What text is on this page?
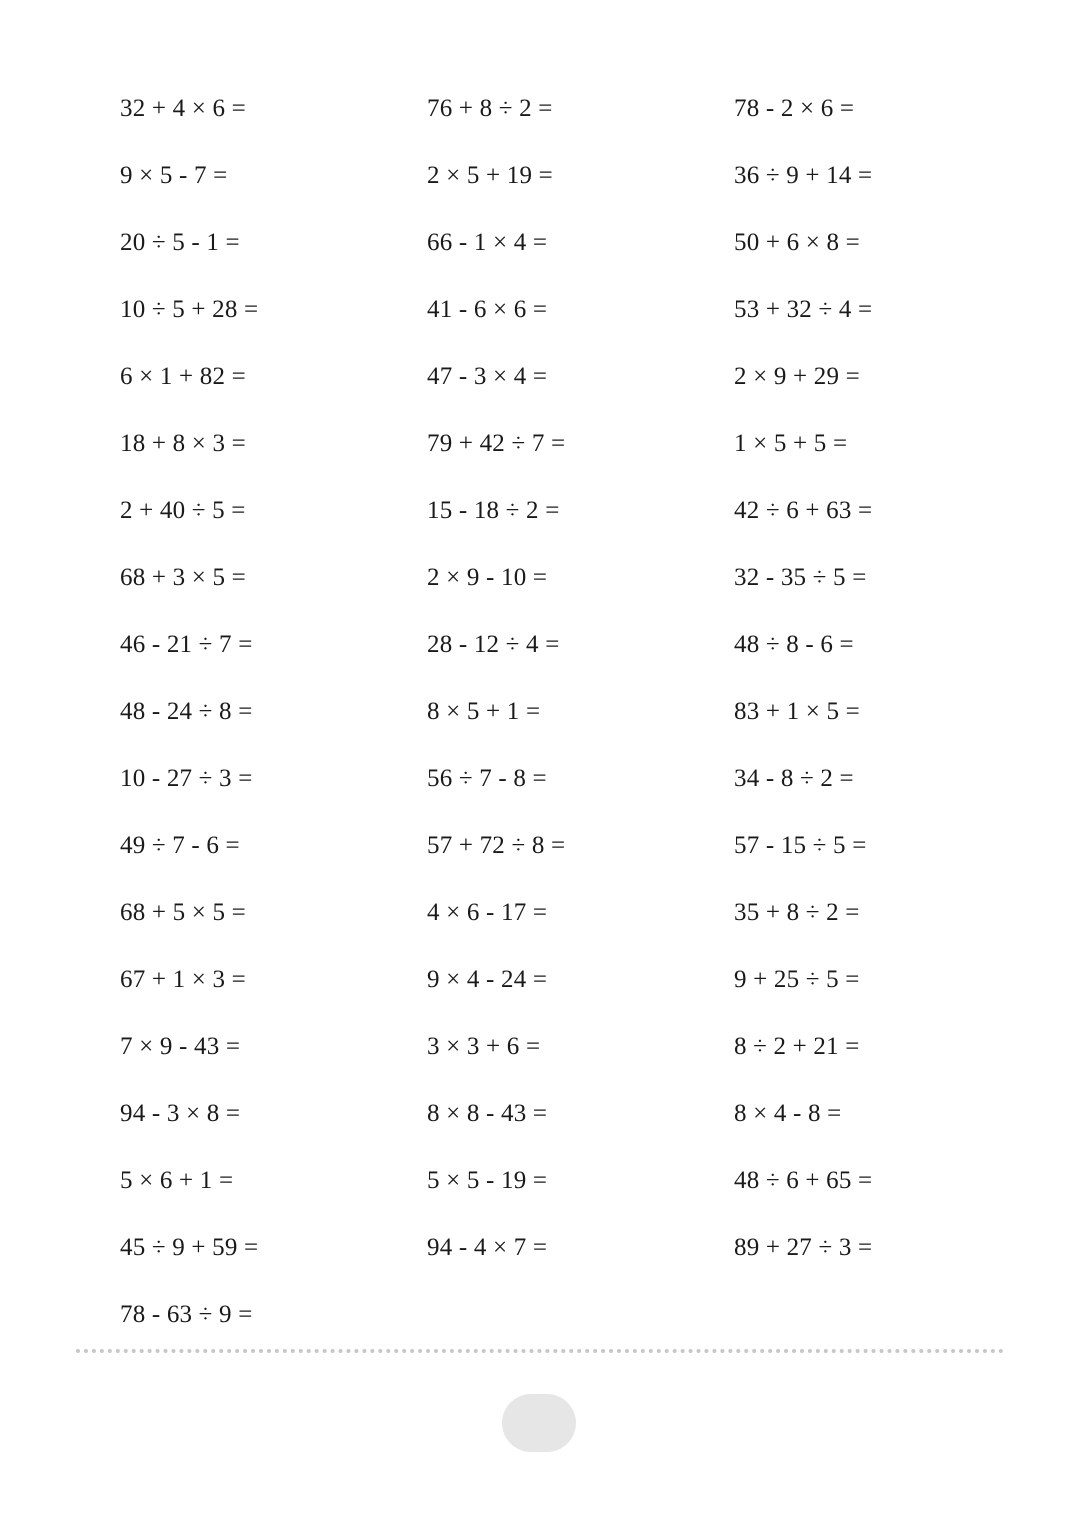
32 + 4 × 6 =	76 + 8 ÷ 2 =	78 - 2 × 6 =
9 × 5 - 7 =	2 × 5 + 19 =	36 ÷ 9 + 14 =
20 ÷ 5 - 1 =	66 - 1 × 4 =	50 + 6 × 8 =
10 ÷ 5 + 28 =	41 - 6 × 6 =	53 + 32 ÷ 4 =
6 × 1 + 82 =	47 - 3 × 4 =	2 × 9 + 29 =
18 + 8 × 3 =	79 + 42 ÷ 7 =	1 × 5 + 5 =
2 + 40 ÷ 5 =	15 - 18 ÷ 2 =	42 ÷ 6 + 63 =
68 + 3 × 5 =	2 × 9 - 10 =	32 - 35 ÷ 5 =
46 - 21 ÷ 7 =	28 - 12 ÷ 4 =	48 ÷ 8 - 6 =
48 - 24 ÷ 8 =	8 × 5 + 1 =	83 + 1 × 5 =
10 - 27 ÷ 3 =	56 ÷ 7 - 8 =	34 - 8 ÷ 2 =
49 ÷ 7 - 6 =	57 + 72 ÷ 8 =	57 - 15 ÷ 5 =
68 + 5 × 5 =	4 × 6 - 17 =	35 + 8 ÷ 2 =
67 + 1 × 3 =	9 × 4 - 24 =	9 + 25 ÷ 5 =
7 × 9 - 43 =	3 × 3 + 6 =	8 ÷ 2 + 21 =
94 - 3 × 8 =	8 × 8 - 43 =	8 × 4 - 8 =
5 × 6 + 1 =	5 × 5 - 19 =	48 ÷ 6 + 65 =
45 ÷ 9 + 59 =	94 - 4 × 7 =	89 + 27 ÷ 3 =
78 - 63 ÷ 9 =
